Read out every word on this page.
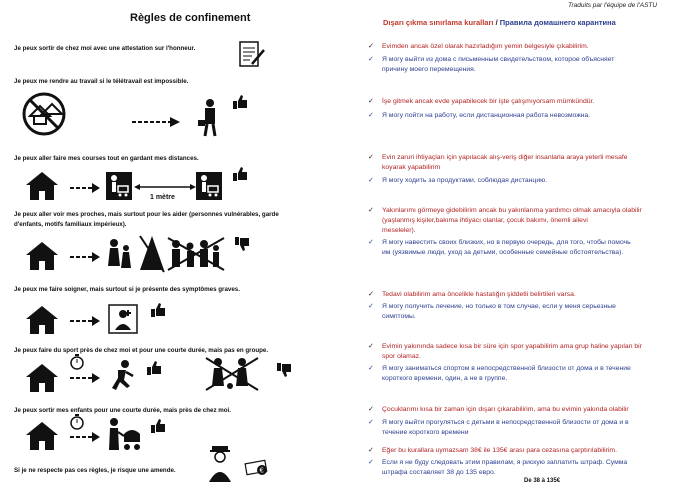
Règles de confinement
Je peux sortir de chez moi avec une attestation sur l'honneur.
Je peux me rendre au travail si le télétravail est impossible.
Je peux aller faire mes courses tout en gardant mes distances.
Je peux aller voir mes proches, mais surtout pour les aider (personnes vulnérables, garde
d'enfants, motifs familiaux impérieux).
Je peux me faire soigner, mais surtout si je présente des symptômes graves.
Je peux faire du sport près de chez moi et pour une courte durée, mais pas en groupe.
Je peux sortir mes enfants pour une courte durée, mais près de chez moi.
Si je ne respecte pas ces règles, je risque une amende.
De 38 à 135€
1 mètre
€
Traduits par l'équipe de l'ASTU
Dışarı çıkma sınırlama kuralları / Правила домашнего карантина
✓	Evimden ancak özel olarak hazırladığım yemin belgesiyle çıkabilirim.
✓	Я могу выйти из дома с письменным свидетельством, которое объясняет
причину моего перемещения.
✓	İşe gitmek ancak evde yapabilecek bir işte çalışmıyorsam mümkündür.
✓	Я могу пойти на работу, если дистанционная работа невозможна.
✓	Evin zaruri ihtiyaçları için yapılacak alış-veriş diğer insanlarla araya yeterli mesafe
koyarak yapabilirim
✓	Я могу ходить за продуктами, соблюдая дистанцию.
✓	Yakınlarımı görmeye gidebilirim ancak bu yakınlarıma yardımcı olmak amacıyla olabilir
(yaşlanmış kişiler,bakıma ihtiyacı olanlar, çocuk bakımı, önemli ailevi
meseleler).
✓	Я могу навестить своих близких, но в первую очередь, для того, чтобы помочь
им (уязвимые люди, уход за детьми, особенные семейные обстоятельства).
✓	Tedavi olabilirim ama öncelikle hastalığın şiddetli belirtileri varsa.
✓	Я могу получить лечение, но только в том случае, если у меня серьезные
симптомы.
✓	Evimin yakınında sadece kısa bir süre için spor yapabilirim ama grup haline yapılan bir
spor olamaz.
✓	Я могу заниматься спортом в непосредственной близости от дома и в течение
короткого времени, один, а не в группе.
✓	Çocuklarımı kısa bir zaman için dışarı çıkarabilirim, ama bu evimin yakında olabilir
✓	Я могу выйти прогуляться с детьми в непосредственной близости от дома и в
течение короткого времени
✓	Eğer bu kurallara uymazsam 38€ ile 135€ arası para cezasına çarptırılabilirim.
✓	Если я не буду следовать этим правилам, я рискую заплатить штраф. Сумма
штрафа составляет 38 до 135 евро.
